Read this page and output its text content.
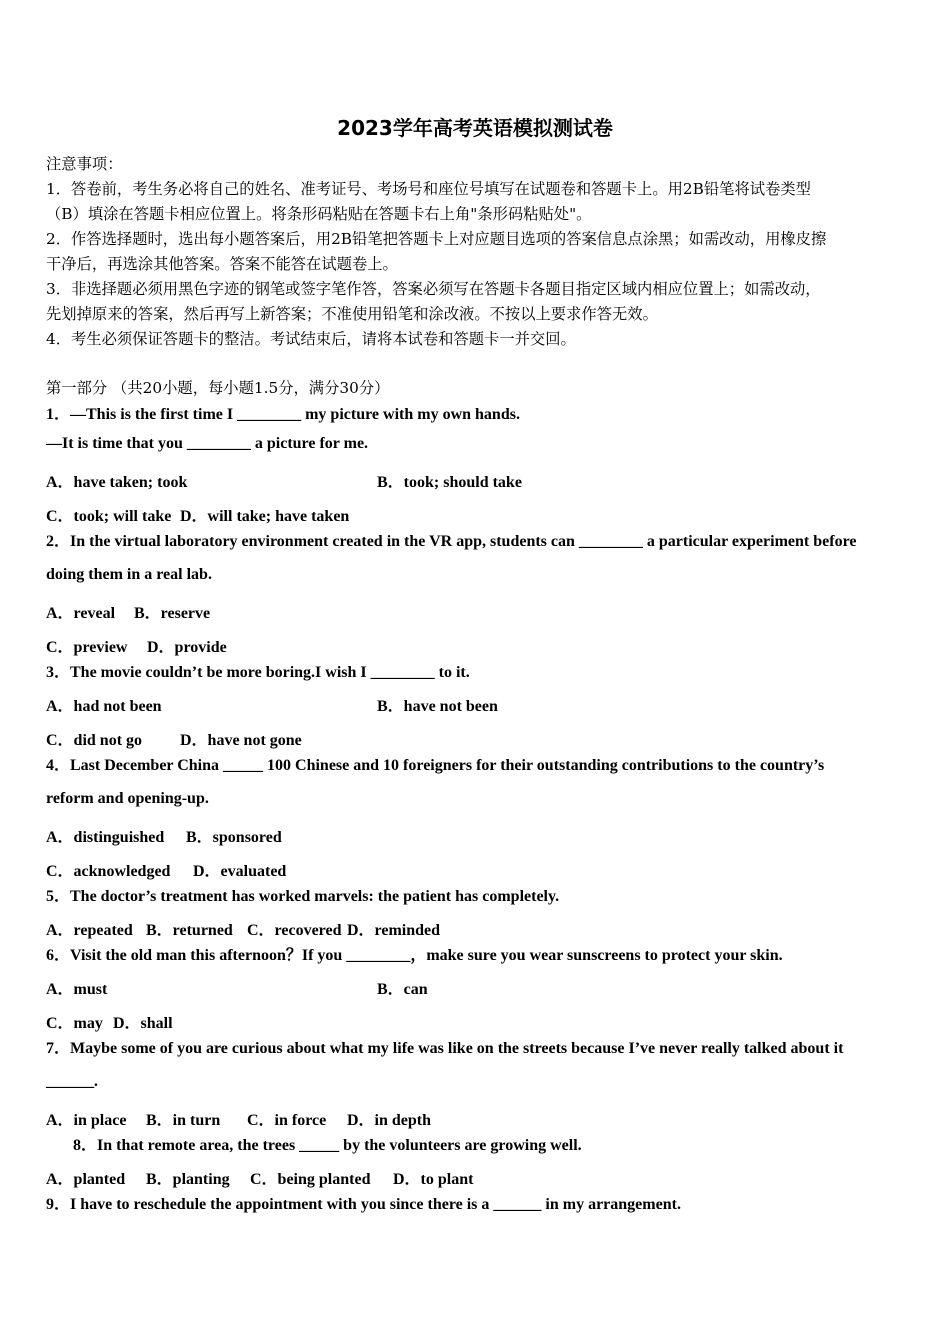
2023学年高考英语模拟测试卷
注意事项：
1．答卷前，考生务必将自己的姓名、准考证号、考场号和座位号填写在试题卷和答题卡上。用2B铅笔将试卷类型
（B）填涂在答题卡相应位置上。将条形码粘贴在答题卡右上角"条形码粘贴处"。
2．作答选择题时，选出每小题答案后，用2B铅笔把答题卡上对应题目选项的答案信息点涂黑；如需改动，用橡皮擦
干净后，再选涂其他答案。答案不能答在试题卷上。
3．非选择题必须用黑色字迹的钢笔或签字笔作答，答案必须写在答题卡各题目指定区域内相应位置上；如需改动，
先划掉原来的答案，然后再写上新答案；不准使用铅笔和涂改液。不按以上要求作答无效。
4．考生必须保证答题卡的整洁。考试结束后，请将本试卷和答题卡一并交回。
第一部分 （共20小题，每小题1.5分，满分30分）
1．—This is the first time I ________ my picture with my own hands.
—It is time that you ________ a picture for me.
A．have taken; took	B．took; should take
C．took; will take D．will take; have taken
2．In the virtual laboratory environment created in the VR app, students can ________ a particular experiment before
doing them in a real lab.
A．reveal B．reserve
C．preview D．provide
3．The movie couldn’t be more boring.I wish I ________ to it.
A．had not been	B．have not been
C．did not go D．have not gone
4．Last December China _____ 100 Chinese and 10 foreigners for their outstanding contributions to the country’s
reform and opening-up.
A．distinguished B．sponsored
C．acknowledged D．evaluated
5．The doctor’s treatment has worked marvels: the patient has completely.
A．repeated B．returned C．recovered D．reminded
6．Visit the old man this afternoon？If you ________，make sure you wear sunscreens to protect your skin.
A．must	B．can
C．may D．shall
7．Maybe some of you are curious about what my life was like on the streets because I’ve never really talked about it
______.
A．in place B．in turn C．in force D．in depth
8．In that remote area, the trees _____ by the volunteers are growing well.
A．planted B．planting C．being planted D．to plant
9．I have to reschedule the appointment with you since there is a ______ in my arrangement.
